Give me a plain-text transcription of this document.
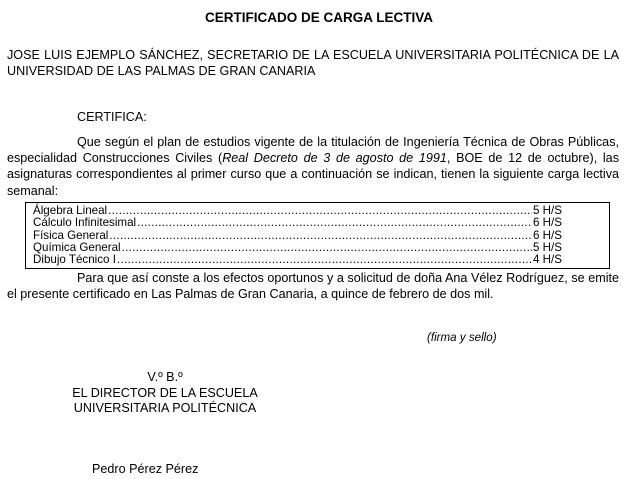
CERTIFICADO DE CARGA LECTIVA

JOSE LUIS EJEMPLO SÁNCHEZ, SECRETARIO DE LA ESCUELA UNIVERSITARIA POLITÉCNICA DE LA UNIVERSIDAD DE LAS PALMAS DE GRAN CANARIA

CERTIFICA:

Que según el plan de estudios vigente de la titulación de Ingeniería Técnica de Obras Públicas, especialidad Construcciones Civiles (Real Decreto de 3 de agosto de 1991, BOE de 12 de octubre), las asignaturas correspondientes al primer curso que a continuación se indican, tienen la siguiente carga lectiva semanal:

Álgebra Lineal .....	5 H/S
Cálculo Infinitesimal .....	6 H/S
Física General .....	6 H/S
Química General .....	5 H/S
Dibujo Técnico I .....	4 H/S

Para que así conste a los efectos oportunos y a solicitud de doña Ana Vélez Rodríguez, se emite el presente certificado en Las Palmas de Gran Canaria, a quince de febrero de dos mil.

(firma y sello)
V.º B.º
EL DIRECTOR DE LA ESCUELA
UNIVERSITARIA POLITÉCNICA
Pedro Pérez Pérez
